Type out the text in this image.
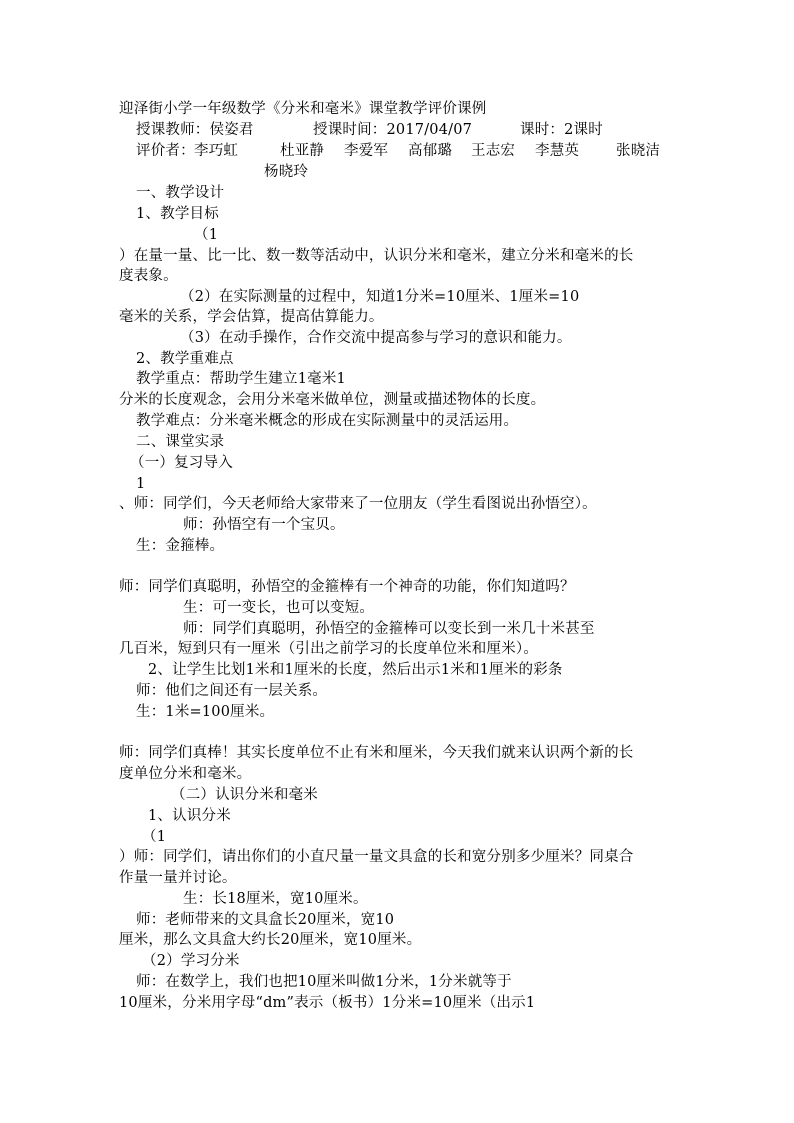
迎泽街小学一年级数学《分米和毫米》课堂教学评价课例
授课教师：侯姿君	授课时间：2017/04/07	课时：2课时
评价者： 李巧虹	杜亚静 李爱军 高郁璐 王志宏 李慧英	张晓洁
杨晓玲
一、教学设计
1、教学目标
（1
）在量一量、比一比、数一数等活动中，认识分米和毫米，建立分米和毫米的长
度表象。
（2）在实际测量的过程中，知道1分米=10厘米、1厘米=10
毫米的关系，学会估算，提高估算能力。
（3）在动手操作，合作交流中提高参与学习的意识和能力。
2、教学重难点
教学重点：帮助学生建立1毫米1
分米的长度观念，会用分米毫米做单位，测量或描述物体的长度。
教学难点：分米毫米概念的形成在实际测量中的灵活运用。
二、课堂实录
（一）复习导入
1
、师：同学们，今天老师给大家带来了一位朋友（学生看图说出孙悟空）。
师：孙悟空有一个宝贝。
生：金箍棒。
师：同学们真聪明，孙悟空的金箍棒有一个神奇的功能，你们知道吗？
生：可一变长，也可以变短。
师：同学们真聪明，孙悟空的金箍棒可以变长到一米几十米甚至
几百米，短到只有一厘米（引出之前学习的长度单位米和厘米）。
2、让学生比划1米和1厘米的长度，然后出示1米和1厘米的彩条
师：他们之间还有一层关系。
生：1米=100厘米。
师：同学们真棒！其实长度单位不止有米和厘米，今天我们就来认识两个新的长
度单位分米和毫米。
（二）认识分米和毫米
1、认识分米
（1
）师：同学们，请出你们的小直尺量一量文具盒的长和宽分别多少厘米？同桌合
作量一量并讨论。
生：长18厘米，宽10厘米。
师：老师带来的文具盒长20厘米，宽10
厘米，那么文具盒大约长20厘米，宽10厘米。
（2）学习分米
师：在数学上，我们也把10厘米叫做1分米，1分米就等于
10厘米，分米用字母“dm”表示（板书）1分米=10厘米（出示1
